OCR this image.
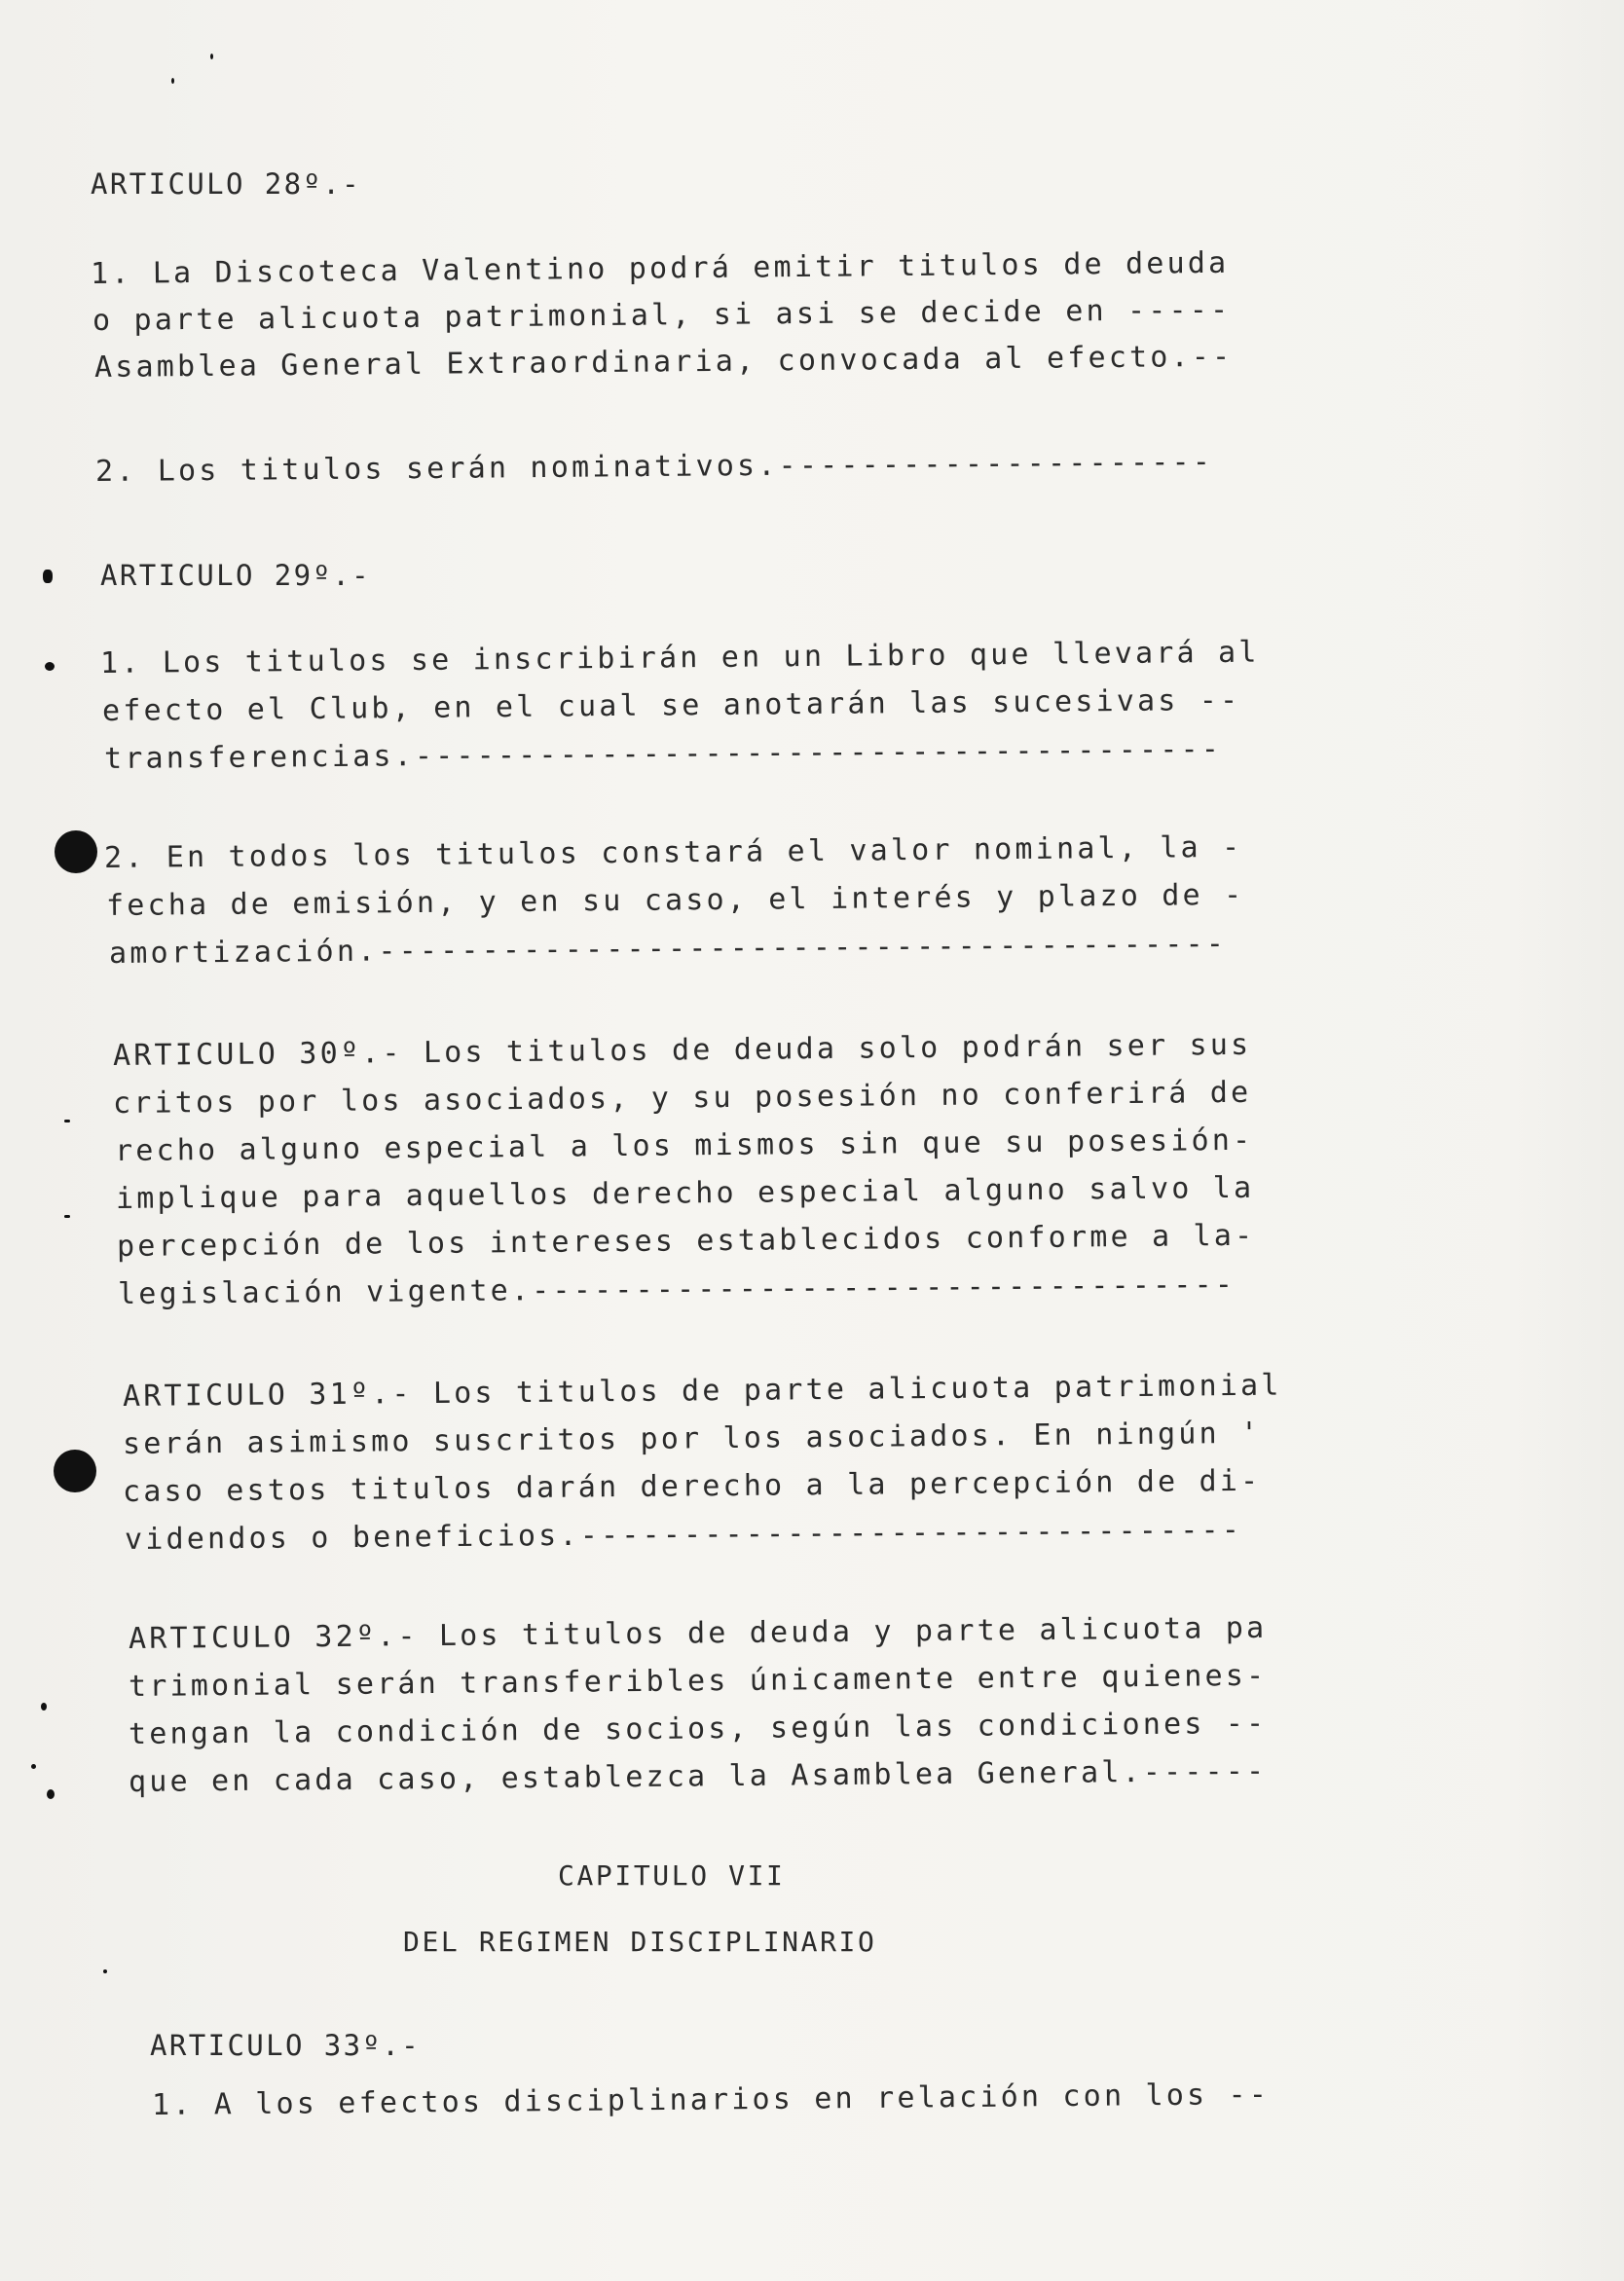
ARTICULO 28º.-
1. La Discoteca Valentino podrá emitir titulos de deuda
o parte alicuota patrimonial, si asi se decide en -----
Asamblea General Extraordinaria, convocada al efecto.--
2. Los titulos serán nominativos.---------------------
ARTICULO 29º.-
1. Los titulos se inscribirán en un Libro que llevará al
efecto el Club, en el cual se anotarán las sucesivas --
transferencias.---------------------------------------
2. En todos los titulos constará el valor nominal, la -
fecha de emisión, y en su caso, el interés y plazo de -
amortización.-----------------------------------------
ARTICULO 30º.- Los titulos de deuda solo podrán ser sus
critos por los asociados, y su posesión no conferirá de
recho alguno especial a los mismos sin que su posesión-
implique para aquellos derecho especial alguno salvo la
percepción de los intereses establecidos conforme a la-
legislación vigente.----------------------------------
ARTICULO 31º.- Los titulos de parte alicuota patrimonial
serán asimismo suscritos por los asociados. En ningún '
caso estos titulos darán derecho a la percepción de di-
videndos o beneficios.--------------------------------
ARTICULO 32º.- Los titulos de deuda y parte alicuota pa
trimonial serán transferibles únicamente entre quienes-
tengan la condición de socios, según las condiciones --
que en cada caso, establezca la Asamblea General.------
CAPITULO VII
DEL REGIMEN DISCIPLINARIO
ARTICULO 33º.-
1. A los efectos disciplinarios en relación con los --
